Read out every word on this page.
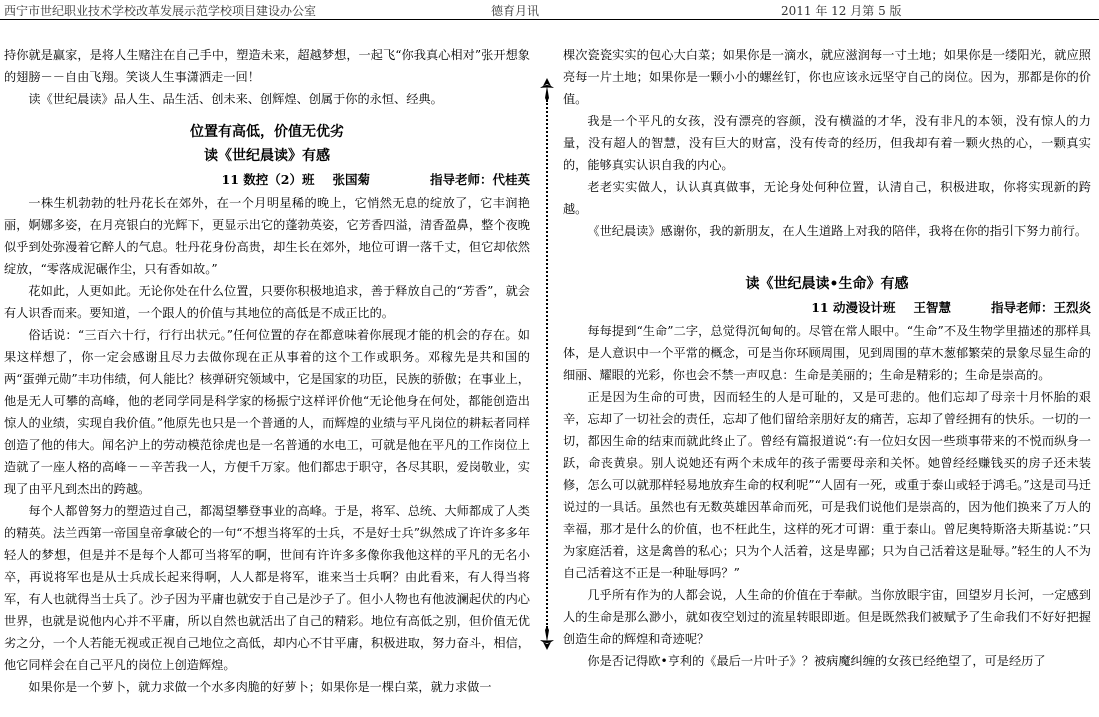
西宁市世纪职业技术学校改革发展示范学校项目建设办公室	德育月讯	2011 年 12 月第 5 版

持你就是赢家，是将人生赌注在自己手中，塑造未来，超越梦想，一起飞“你我真心相对”张开想象的翅膀－－自由飞翔。笑谈人生事潇洒走一回！

读《世纪晨读》品人生、品生活、创未来、创辉煌、创属于你的永恒、经典。

位置有高低，价值无优劣

读《世纪晨读》有感

11 数控（2）班 张国菊	指导老师：代桂英

一株生机勃勃的牡丹花长在郊外，在一个月明星稀的晚上，它悄然无息的绽放了，它丰润艳丽，婀娜多姿，在月亮银白的光辉下，更显示出它的蓬勃英姿，它芳香四溢，清香盈鼻，整个夜晚似乎到处弥漫着它醉人的气息。牡丹花身份高贵，却生长在郊外，地位可谓一落千丈，但它却依然绽放，“零落成泥碾作尘，只有香如故。”

花如此，人更如此。无论你处在什么位置，只要你积极地追求，善于释放自己的“芳香”，就会有人识香而来。要知道，一个跟人的价值与其地位的高低是不成正比的。

俗话说：“三百六十行，行行出状元。”任何位置的存在都意味着你展现才能的机会的存在。如果这样想了，你一定会感谢且尽力去做你现在正从事着的这个工作或职务。邓稼先是共和国的两“蛋弹元勋”丰功伟绩，何人能比？核弹研究领域中，它是国家的功臣，民族的骄傲；在事业上，他是无人可攀的高峰，他的老同学同是科学家的杨振宁这样评价他“无论他身在何处，都能创造出惊人的业绩，实现自我价值。”他原先也只是一个普通的人，而辉煌的业绩与平凡岗位的耕耘者同样创造了他的伟大。闻名沪上的劳动模范徐虎也是一名普通的水电工，可就是他在平凡的工作岗位上造就了一座人格的高峰－－辛苦我一人，方便千万家。他们都忠于职守，各尽其职，爱岗敬业，实现了由平凡到杰出的跨越。

每个人都曾努力的塑造过自己，都渴望攀登事业的高峰。于是，将军、总统、大师都成了人类的精英。法兰西第一帝国皇帝拿破仑的一句“不想当将军的士兵，不是好士兵”纵然成了许许多多年轻人的梦想，但是并不是每个人都可当将军的啊，世间有许许多多像你我他这样的平凡的无名小卒，再说将军也是从士兵成长起来得啊，人人都是将军，谁来当士兵啊？由此看来，有人得当将军，有人也就得当士兵了。沙子因为平庸也就安于自己是沙子了。但小人物也有他波澜起伏的内心世界，也就是说他内心并不平庸，所以自然也就活出了自己的精彩。地位有高低之别，但价值无优劣之分，一个人若能无视或正视自己地位之高低，却内心不甘平庸，积极进取，努力奋斗，相信，他它同样会在自己平凡的岗位上创造辉煌。

如果你是一个萝卜，就力求做一个水多肉脆的好萝卜；如果你是一棵白菜，就力求做一

棵次瓷瓷实实的包心大白菜；如果你是一滴水，就应滋润每一寸土地；如果你是一缕阳光，就应照亮每一片土地；如果你是一颗小小的螺丝钉，你也应该永远坚守自己的岗位。因为，那都是你的价值。

我是一个平凡的女孩，没有漂亮的容颜，没有横溢的才华，没有非凡的本领，没有惊人的力量，没有超人的智慧，没有巨大的财富，没有传奇的经历，但我却有着一颗火热的心，一颗真实的，能够真实认识自我的内心。

老老实实做人，认认真真做事，无论身处何种位置，认清自己，积极进取，你将实现新的跨越。

《世纪晨读》感谢你，我的新朋友，在人生道路上对我的陪伴，我将在你的指引下努力前行。

读《世纪晨读•生命》有感

11 动漫设计班 王智慧	指导老师：王烈炎

每每提到“生命”二字，总觉得沉甸甸的。尽管在常人眼中。“生命”不及生物学里描述的那样具体，是人意识中一个平常的概念，可是当你环顾周围，见到周围的草木葱郁繁荣的景象尽显生命的细丽、耀眼的光彩，你也会不禁一声叹息：生命是美丽的；生命是精彩的；生命是崇高的。

正是因为生命的可贵，因而轻生的人是可耻的，又是可悲的。他们忘却了母亲十月怀胎的艰辛，忘却了一切社会的责任，忘却了他们留给亲朋好友的痛苦，忘却了曾经拥有的快乐。一切的一切，都因生命的结束而就此终止了。曾经有篇报道说“:有一位妇女因一些琐事带来的不悦而纵身一跃，命丧黄泉。别人说她还有两个未成年的孩子需要母亲和关怀。她曾经经赚钱买的房子还未装修，怎么可以就那样轻易地放弃生命的权利呢”“人固有一死，或重于泰山或轻于鸿毛。”这是司马迁说过的一具话。虽然也有无数英雄因革命而死，可是我们说他们是崇高的，因为他们换来了万人的幸福，那才是什么的价值，也不枉此生，这样的死才可谓：重于泰山。曾尼奥特斯洛夫斯基说：”只为家庭活着，这是禽兽的私心；只为个人活着，这是卑鄙；只为自己活着这是耻辱。”轻生的人不为自己活着这不正是一种耻辱吗？”

几乎所有作为的人都会说，人生命的价值在于奉献。当你放眼宇宙，回望岁月长河，一定感到人的生命是那么渺小，就如夜空划过的流星转眼即逝。但是既然我们被赋予了生命我们不好好把握创造生命的辉煌和奇迹呢？

你是否记得欧•亨利的《最后一片叶子》？被病魔纠缠的女孩已经绝望了，可是经历了
